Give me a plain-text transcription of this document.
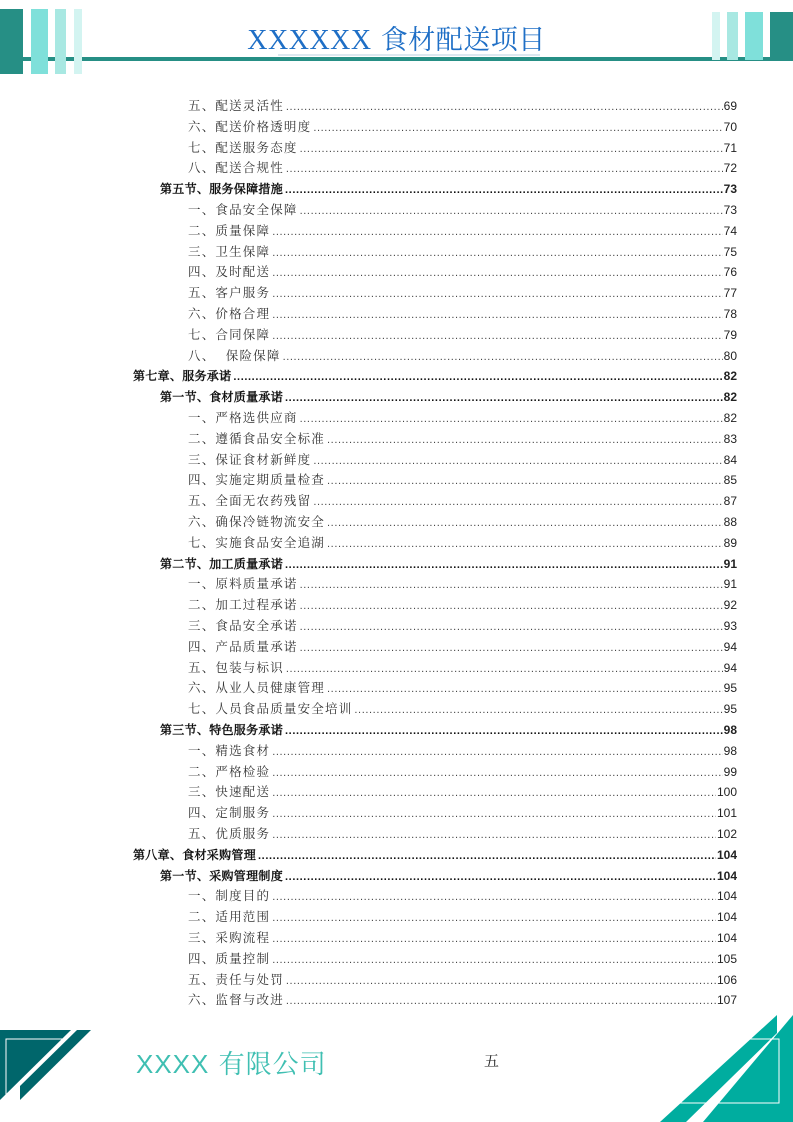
XXXXXX 食材配送项目
五、配送灵活性 .....	69
六、配送价格透明度 .....	70
七、配送服务态度 .....	71
八、配送合规性 .....	72
第五节、服务保障措施 .....	73
一、食品安全保障 .....	73
二、质量保障 .....	74
三、卫生保障 .....	75
四、及时配送 .....	76
五、客户服务 .....	77
六、价格合理 .....	78
七、合同保障 .....	79
八、  保险保障 .....	80
第七章、服务承诺 .....	82
第一节、食材质量承诺 .....	82
一、严格选供应商 .....	82
二、遵循食品安全标准 .....	83
三、保证食材新鲜度 .....	84
四、实施定期质量检查 .....	85
五、全面无农药残留 .....	87
六、确保冷链物流安全 .....	88
七、实施食品安全追湖 .....	89
第二节、加工质量承诺 .....	91
一、原料质量承诺 .....	91
二、加工过程承诺 .....	92
三、食品安全承诺 .....	93
四、产品质量承诺 .....	94
五、包装与标识 .....	94
六、从业人员健康管理 .....	95
七、人员食品质量安全培训 .....	95
第三节、特色服务承诺 .....	98
一、精选食材 .....	98
二、严格检验 .....	99
三、快速配送 .....	100
四、定制服务 .....	101
五、优质服务 .....	102
第八章、食材采购管理 .....	104
第一节、采购管理制度 .....	104
一、制度目的 .....	104
二、适用范围 .....	104
三、采购流程 .....	104
四、质量控制 .....	105
五、责任与处罚 .....	106
六、监督与改进 .....	107
XXXX 有限公司	五
